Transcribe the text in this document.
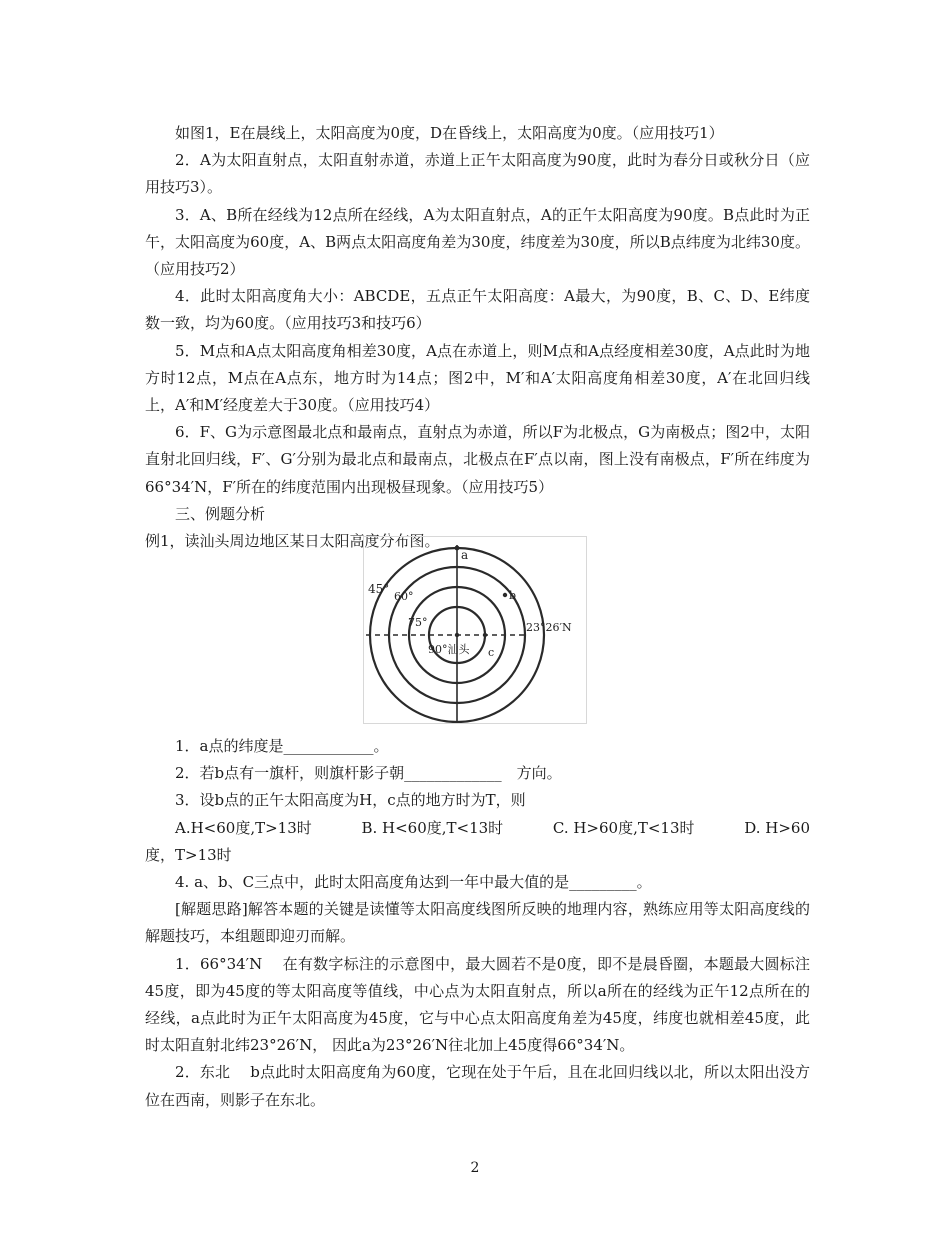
如图1，E在晨线上，太阳高度为0度，D在昏线上，太阳高度为0度。（应用技巧1）

2．A为太阳直射点，太阳直射赤道，赤道上正午太阳高度为90度，此时为春分日或秋分日（应用技巧3）。

3．A、B所在经线为12点所在经线，A为太阳直射点，A的正午太阳高度为90度。B点此时为正午，太阳高度为60度，A、B两点太阳高度角差为30度，纬度差为30度，所以B点纬度为北纬30度。（应用技巧2）

4．此时太阳高度角大小：ABCDE，五点正午太阳高度：A最大，为90度，B、C、D、E纬度数一致，均为60度。（应用技巧3和技巧6）

5．M点和A点太阳高度角相差30度，A点在赤道上，则M点和A点经度相差30度，A点此时为地方时12点，M点在A点东，地方时为14点；图2中，M′和A′太阳高度角相差30度，A′在北回归线上，A′和M′经度差大于30度。（应用技巧4）

6．F、G为示意图最北点和最南点，直射点为赤道，所以F为北极点，G为南极点；图2中，太阳直射北回归线，F′、G′分别为最北点和最南点，北极点在F′点以南，图上没有南极点，F′所在纬度为66°34′N，F′所在的纬度范围内出现极昼现象。（应用技巧5）

三、例题分析

例1，读汕头周边地区某日太阳高度分布图。

a
b
c
45°
60°
75°
90°汕头
23°26′N

1．a点的纬度是____________。

2．若b点有一旗杆，则旗杆影子朝_____________　方向。

3．设b点的正午太阳高度为H，c点的地方时为T，则

A.H<60度,T>13时	B. H<60度,T<13时	C. H>60度,T<13时	D. H>60

度，T>13时

4. a、b、C三点中，此时太阳高度角达到一年中最大值的是_________。

[解题思路]解答本题的关键是读懂等太阳高度线图所反映的地理内容，熟练应用等太阳高度线的解题技巧，本组题即迎刃而解。

1．66°34′N　 在有数字标注的示意图中，最大圆若不是0度，即不是晨昏圈，本题最大圆标注45度，即为45度的等太阳高度等值线，中心点为太阳直射点，所以a所在的经线为正午12点所在的经线，a点此时为正午太阳高度为45度，它与中心点太阳高度角差为45度，纬度也就相差45度，此时太阳直射北纬23°26′N， 因此a为23°26′N往北加上45度得66°34′N。

2．东北　 b点此时太阳高度角为60度，它现在处于午后，且在北回归线以北，所以太阳出没方位在西南，则影子在东北。

2
